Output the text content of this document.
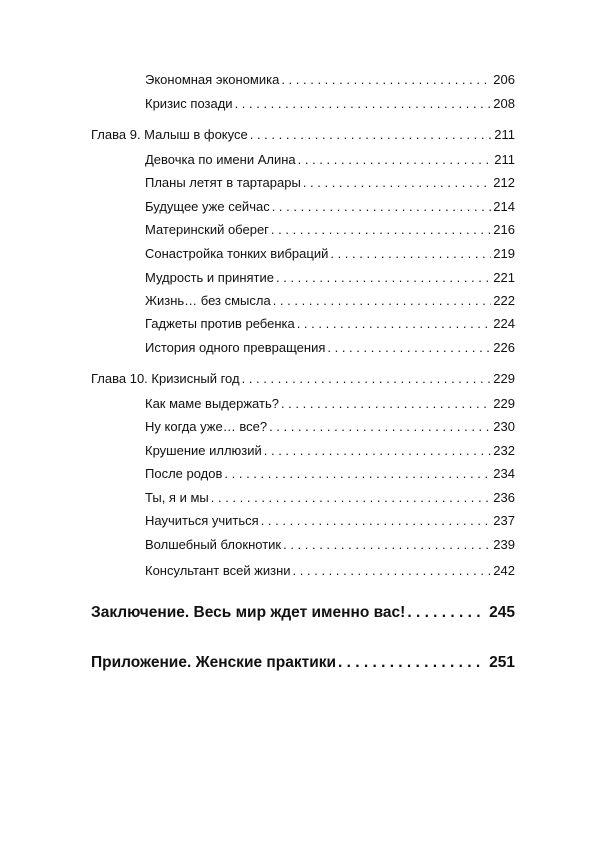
Экономная экономика . . .	206
Кризис позади . . .	208
Глава 9. Малыш в фокусе . . .	211
Девочка по имени Алина . . .	211
Планы летят в тартарары . . .	212
Будущее уже сейчас . . .	214
Материнский оберег . . .	216
Сонастройка тонких вибраций . . .	219
Мудрость и принятие . . .	221
Жизнь… без смысла . . .	222
Гаджеты против ребенка . . .	224
История одного превращения . . .	226
Глава 10. Кризисный год . . .	229
Как маме выдержать? . . .	229
Ну когда уже… все? . . .	230
Крушение иллюзий . . .	232
После родов . . .	234
Ты, я и мы . . .	236
Научиться учиться . . .	237
Волшебный блокнотик . . .	239
Консультант всей жизни . . .	242
Заключение. Весь мир ждет именно вас! . . .	245
Приложение. Женские практики . . .	251
